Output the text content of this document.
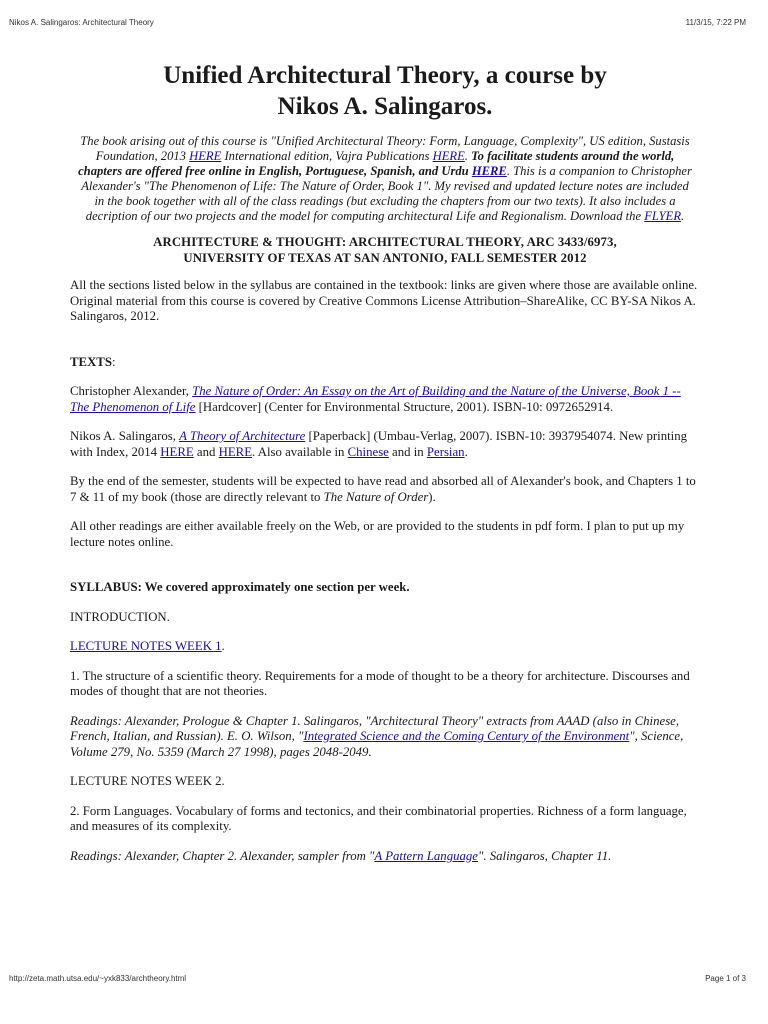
Nikos A. Salingaros: Architectural Theory	11/3/15, 7:22 PM
Unified Architectural Theory, a course by
Nikos A. Salingaros.

The book arising out of this course is "Unified Architectural Theory: Form, Language, Complexity", US edition, Sustasis Foundation, 2013 HERE International edition, Vajra Publications HERE. To facilitate students around the world, chapters are offered free online in English, Portuguese, Spanish, and Urdu HERE. This is a companion to Christopher Alexander's "The Phenomenon of Life: The Nature of Order, Book 1". My revised and updated lecture notes are included in the book together with all of the class readings (but excluding the chapters from our two texts). It also includes a decription of our two projects and the model for computing architectural Life and Regionalism. Download the FLYER.

ARCHITECTURE & THOUGHT: ARCHITECTURAL THEORY, ARC 3433/6973,
UNIVERSITY OF TEXAS AT SAN ANTONIO, FALL SEMESTER 2012

All the sections listed below in the syllabus are contained in the textbook: links are given where those are available online. Original material from this course is covered by Creative Commons License Attribution–ShareAlike, CC BY-SA Nikos A. Salingaros, 2012.

TEXTS:

Christopher Alexander, The Nature of Order: An Essay on the Art of Building and the Nature of the Universe, Book 1 -- The Phenomenon of Life [Hardcover] (Center for Environmental Structure, 2001). ISBN-10: 0972652914.

Nikos A. Salingaros, A Theory of Architecture [Paperback] (Umbau-Verlag, 2007). ISBN-10: 3937954074. New printing with Index, 2014 HERE and HERE. Also available in Chinese and in Persian.

By the end of the semester, students will be expected to have read and absorbed all of Alexander's book, and Chapters 1 to 7 & 11 of my book (those are directly relevant to The Nature of Order).

All other readings are either available freely on the Web, or are provided to the students in pdf form. I plan to put up my lecture notes online.

SYLLABUS: We covered approximately one section per week.

INTRODUCTION.

LECTURE NOTES WEEK 1.

1. The structure of a scientific theory. Requirements for a mode of thought to be a theory for architecture. Discourses and modes of thought that are not theories.

Readings: Alexander, Prologue & Chapter 1. Salingaros, "Architectural Theory" extracts from AAAD (also in Chinese, French, Italian, and Russian). E. O. Wilson, "Integrated Science and the Coming Century of the Environment", Science, Volume 279, No. 5359 (March 27 1998), pages 2048-2049.

LECTURE NOTES WEEK 2.

2. Form Languages. Vocabulary of forms and tectonics, and their combinatorial properties. Richness of a form language, and measures of its complexity.

Readings: Alexander, Chapter 2. Alexander, sampler from "A Pattern Language". Salingaros, Chapter 11.

http://zeta.math.utsa.edu/~yxk833/archtheory.html	Page 1 of 3
